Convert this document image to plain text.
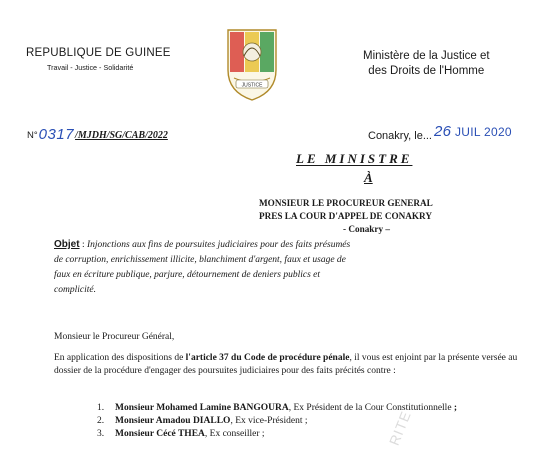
REPUBLIQUE DE GUINEE
Travail - Justice - Solidarité
JUSTICE
Ministère de la Justice et
des Droits de l'Homme
N° 0317 /MJDH/SG/CAB/2022	Conakry, le... 26 JUIL 2020
LE MINISTRE
À
MONSIEUR LE PROCUREUR GENERAL
PRES LA COUR D'APPEL DE CONAKRY
- Conakry –
Objet : Injonctions aux fins de poursuites judiciaires pour des faits présumés de corruption, enrichissement illicite, blanchiment d'argent, faux et usage de faux en écriture publique, parjure, détournement de deniers publics et complicité.
Monsieur le Procureur Général,
En application des dispositions de l'article 37 du Code de procédure pénale, il vous est enjoint par la présente versée au dossier de la procédure d'engager des poursuites judiciaires pour des faits précités contre :
1. Monsieur Mohamed Lamine BANGOURA, Ex Président de la Cour Constitutionnelle ;
2. Monsieur Amadou DIALLO, Ex vice-Président ;
3. Monsieur Cécé THEA, Ex conseiller ;	RITE
